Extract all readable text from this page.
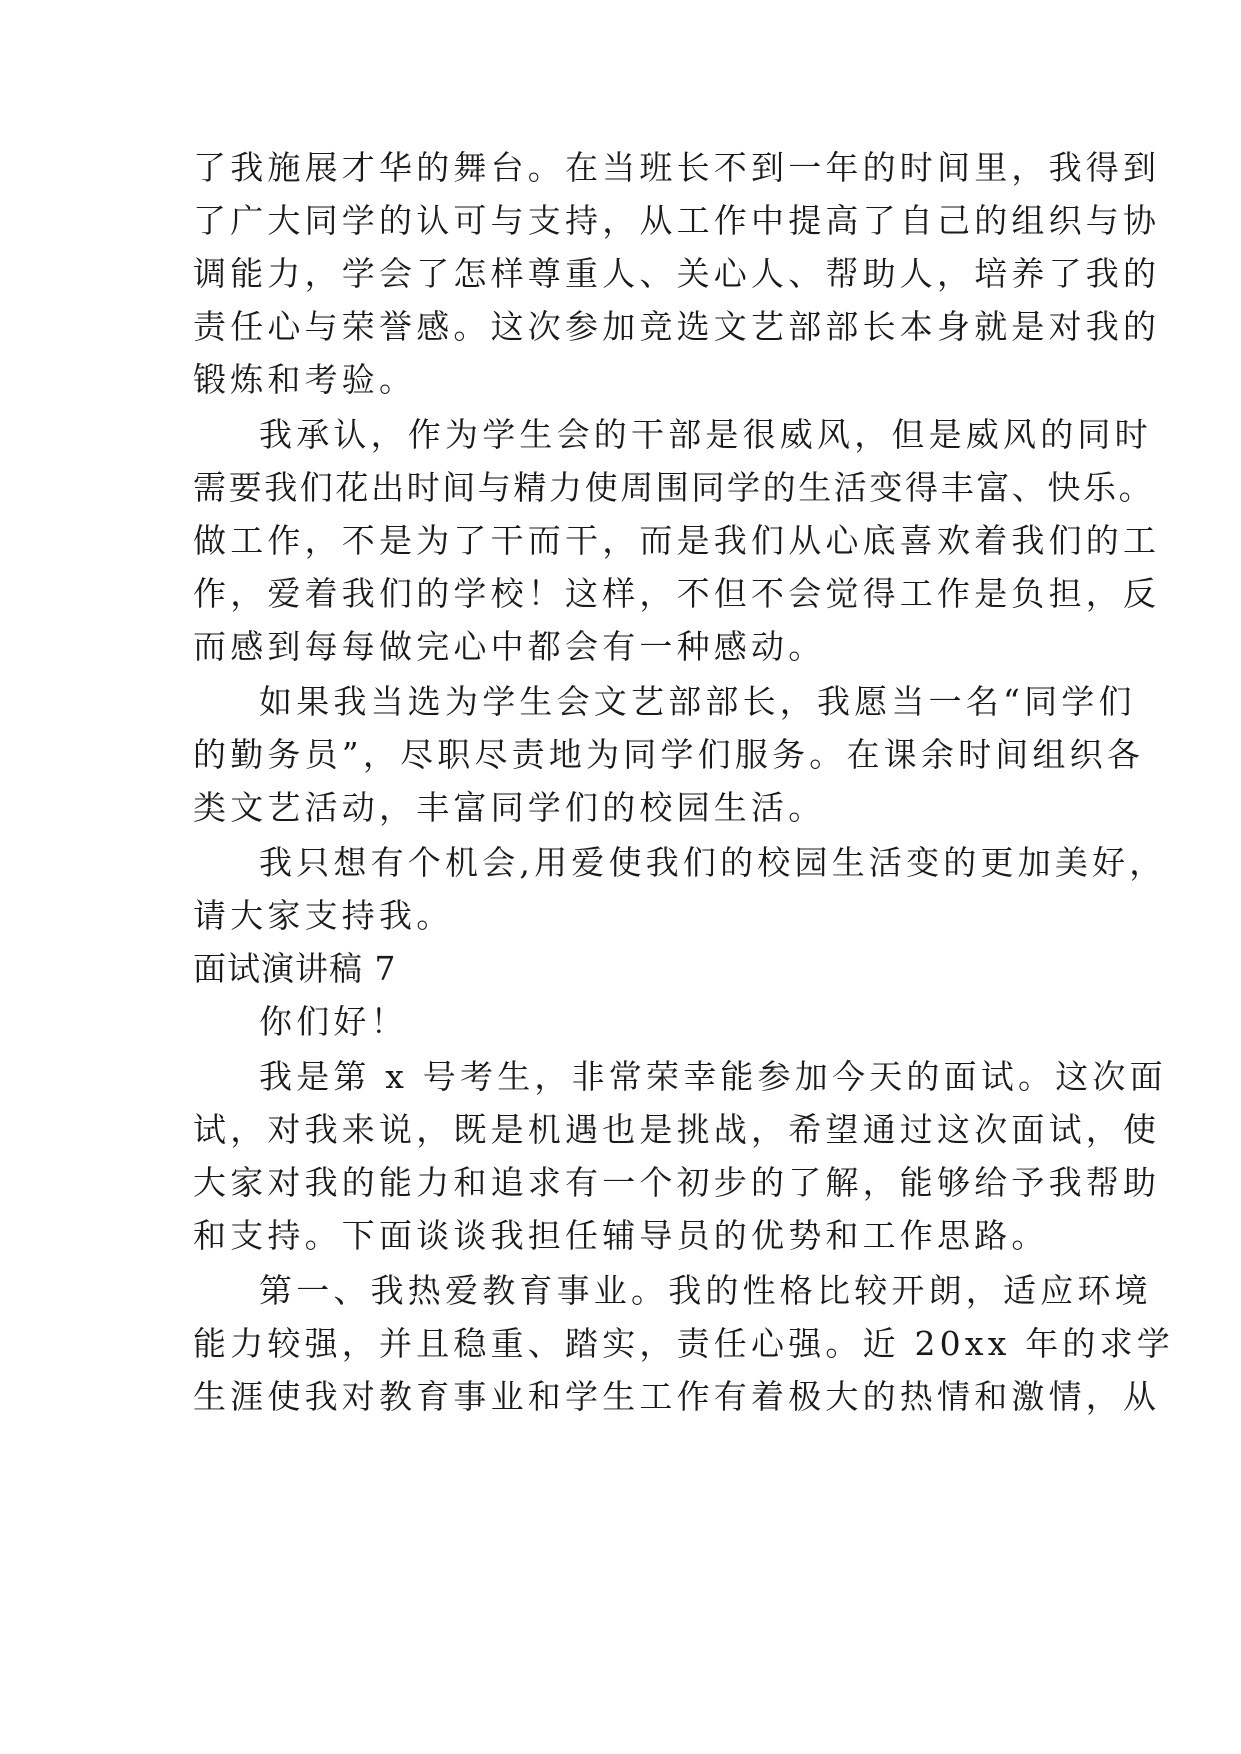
了我施展才华的舞台。在当班长不到一年的时间里，我得到
了广大同学的认可与支持，从工作中提高了自己的组织与协
调能力，学会了怎样尊重人、关心人、帮助人，培养了我的
责任心与荣誉感。这次参加竞选文艺部部长本身就是对我的
锻炼和考验。
我承认，作为学生会的干部是很威风，但是威风的同时
需要我们花出时间与精力使周围同学的生活变得丰富、快乐。
做工作，不是为了干而干，而是我们从心底喜欢着我们的工
作，爱着我们的学校！这样，不但不会觉得工作是负担，反
而感到每每做完心中都会有一种感动。
如果我当选为学生会文艺部部长，我愿当一名“同学们
的勤务员”，尽职尽责地为同学们服务。在课余时间组织各
类文艺活动，丰富同学们的校园生活。
我只想有个机会,用爱使我们的校园生活变的更加美好，
请大家支持我。
面试演讲稿 7
你们好！
我是第 x 号考生，非常荣幸能参加今天的面试。这次面
试，对我来说，既是机遇也是挑战，希望通过这次面试，使
大家对我的能力和追求有一个初步的了解，能够给予我帮助
和支持。下面谈谈我担任辅导员的优势和工作思路。
第一、我热爱教育事业。我的性格比较开朗，适应环境
能力较强，并且稳重、踏实，责任心强。近 20xx 年的求学
生涯使我对教育事业和学生工作有着极大的热情和激情，从
